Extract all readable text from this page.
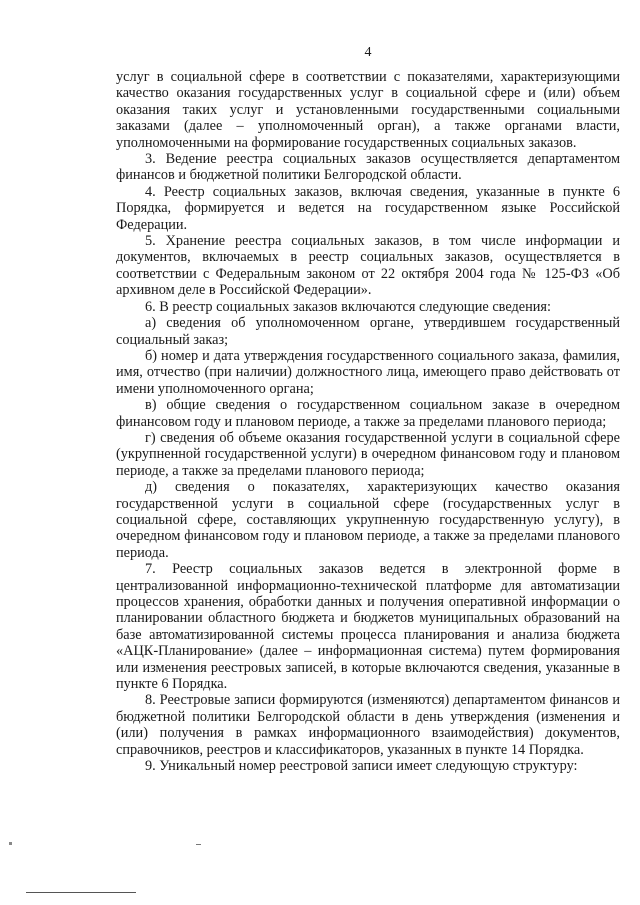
4

услуг в социальной сфере в соответствии с показателями, характеризующими качество оказания государственных услуг в социальной сфере и (или) объем оказания таких услуг и установленными государственными социальными заказами (далее – уполномоченный орган), а также органами власти, уполномоченными на формирование государственных социальных заказов.

3. Ведение реестра социальных заказов осуществляется департаментом финансов и бюджетной политики Белгородской области.

4. Реестр социальных заказов, включая сведения, указанные в пункте 6 Порядка, формируется и ведется на государственном языке Российской Федерации.

5. Хранение реестра социальных заказов, в том числе информации и документов, включаемых в реестр социальных заказов, осуществляется в соответствии с Федеральным законом от 22 октября 2004 года № 125-ФЗ «Об архивном деле в Российской Федерации».

6. В реестр социальных заказов включаются следующие сведения:

а) сведения об уполномоченном органе, утвердившем государственный социальный заказ;

б) номер и дата утверждения государственного социального заказа, фамилия, имя, отчество (при наличии) должностного лица, имеющего право действовать от имени уполномоченного органа;

в) общие сведения о государственном социальном заказе в очередном финансовом году и плановом периоде, а также за пределами планового периода;

г) сведения об объеме оказания государственной услуги в социальной сфере (укрупненной государственной услуги) в очередном финансовом году и плановом периоде, а также за пределами планового периода;

д) сведения о показателях, характеризующих качество оказания государственной услуги в социальной сфере (государственных услуг в социальной сфере, составляющих укрупненную государственную услугу), в очередном финансовом году и плановом периоде, а также за пределами планового периода.

7. Реестр социальных заказов ведется в электронной форме в централизованной информационно-технической платформе для автоматизации процессов хранения, обработки данных и получения оперативной информации о планировании областного бюджета и бюджетов муниципальных образований на базе автоматизированной системы процесса планирования и анализа бюджета «АЦК-Планирование» (далее – информационная система) путем формирования или изменения реестровых записей, в которые включаются сведения, указанные в пункте 6 Порядка.

8. Реестровые записи формируются (изменяются) департаментом финансов и бюджетной политики Белгородской области в день утверждения (изменения и (или) получения в рамках информационного взаимодействия) документов, справочников, реестров и классификаторов, указанных в пункте 14 Порядка.

9. Уникальный номер реестровой записи имеет следующую структуру:
